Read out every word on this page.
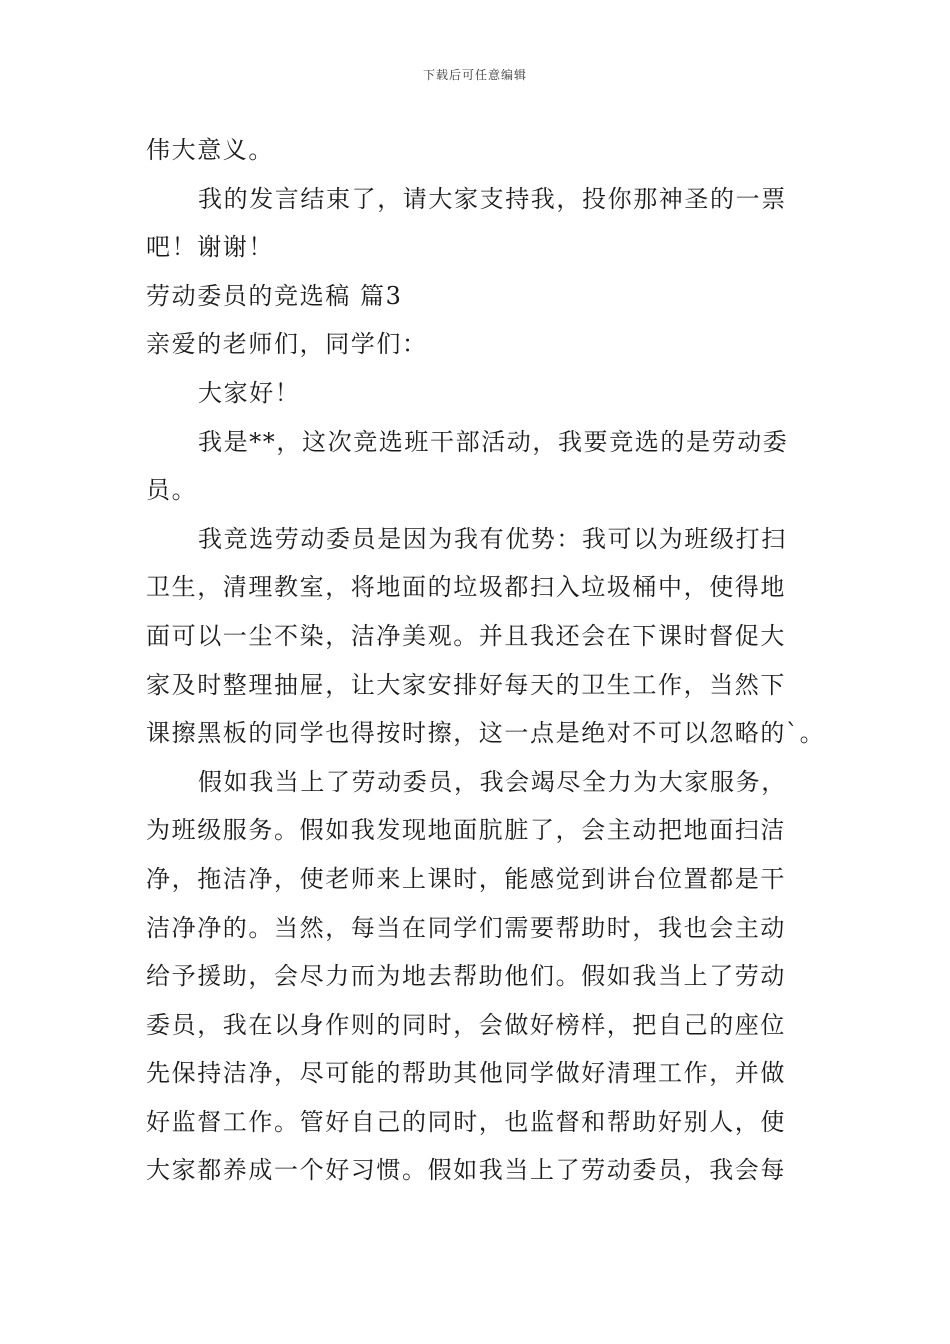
下载后可任意编辑
伟大意义。
我的发言结束了，请大家支持我，投你那神圣的一票
吧！谢谢！
劳动委员的竞选稿 篇3
亲爱的老师们，同学们：
大家好！
我是**，这次竞选班干部活动，我要竞选的是劳动委
员。
我竞选劳动委员是因为我有优势：我可以为班级打扫
卫生，清理教室，将地面的垃圾都扫入垃圾桶中，使得地
面可以一尘不染，洁净美观。并且我还会在下课时督促大
家及时整理抽屉，让大家安排好每天的卫生工作，当然下
课擦黑板的同学也得按时擦，这一点是绝对不可以忽略的`。
假如我当上了劳动委员，我会竭尽全力为大家服务，
为班级服务。假如我发现地面肮脏了，会主动把地面扫洁
净，拖洁净，使老师来上课时，能感觉到讲台位置都是干
洁净净的。当然，每当在同学们需要帮助时，我也会主动
给予援助，会尽力而为地去帮助他们。假如我当上了劳动
委员，我在以身作则的同时，会做好榜样，把自己的座位
先保持洁净，尽可能的帮助其他同学做好清理工作，并做
好监督工作。管好自己的同时，也监督和帮助好别人，使
大家都养成一个好习惯。假如我当上了劳动委员，我会每
